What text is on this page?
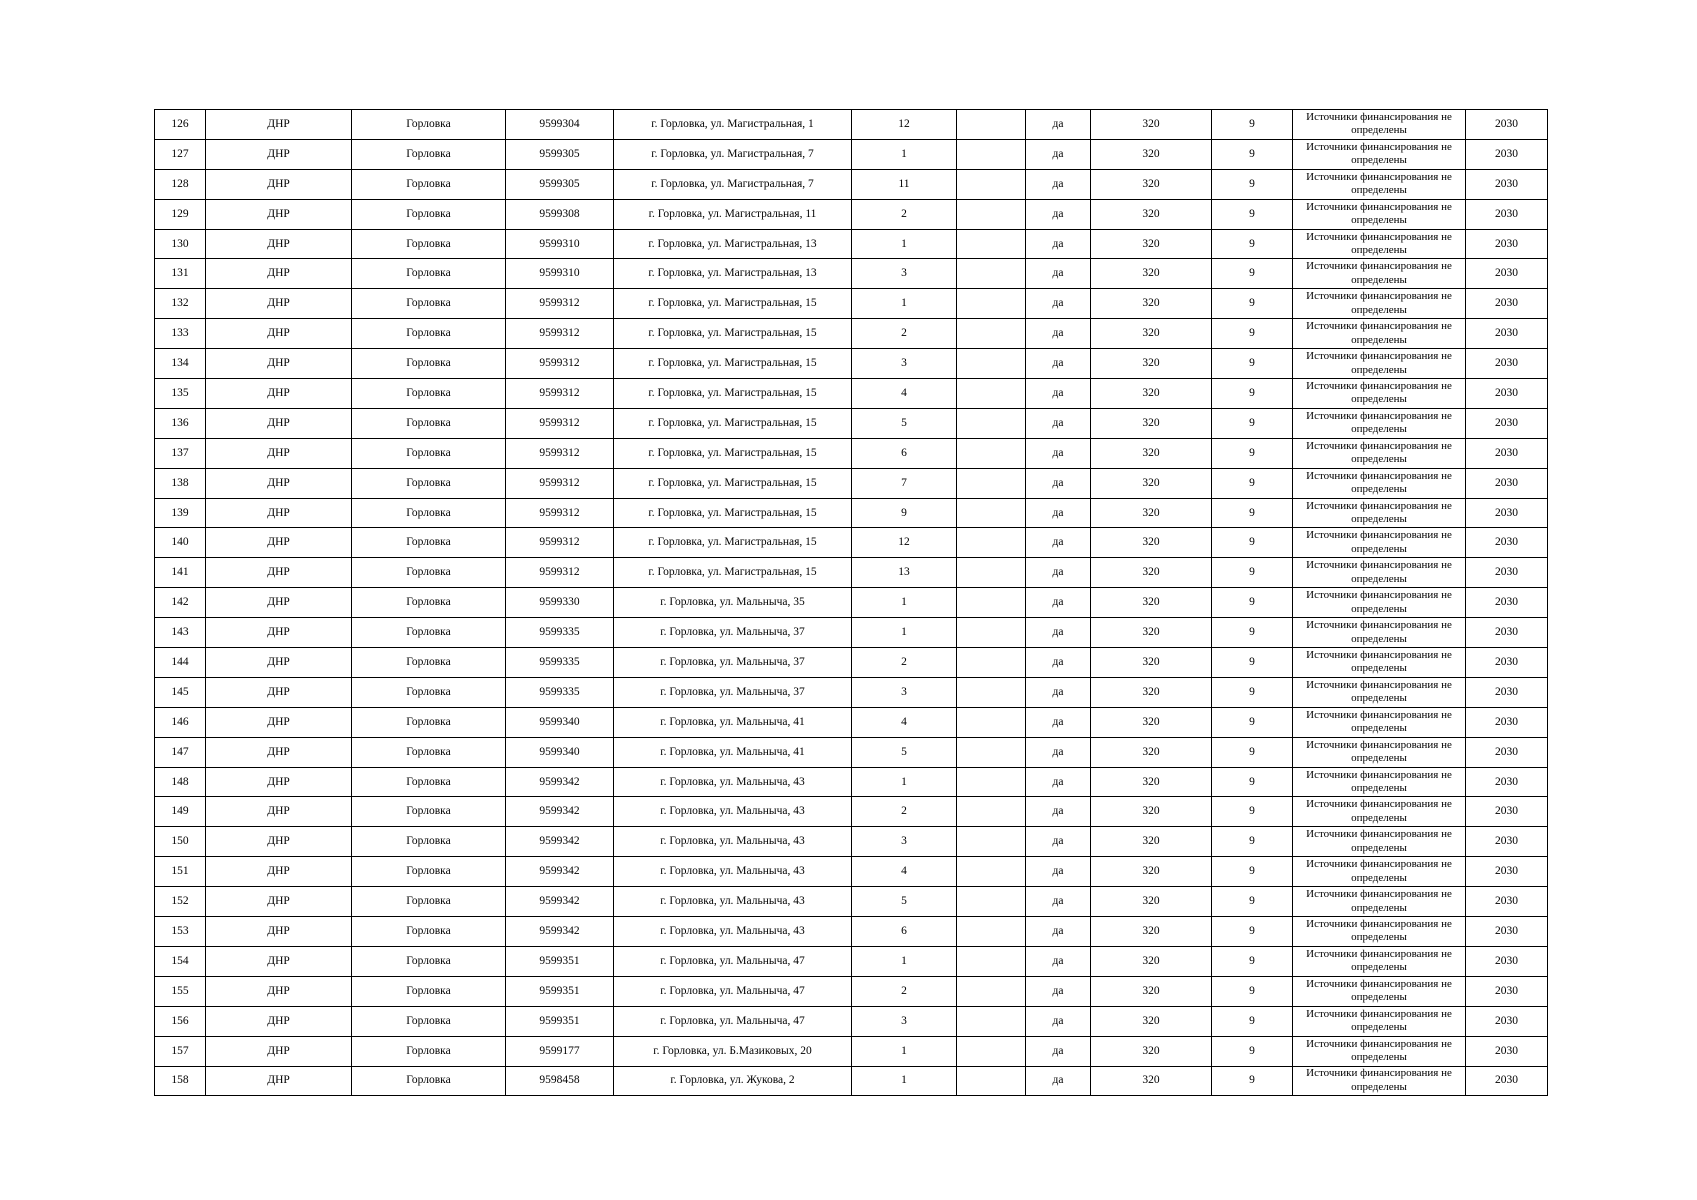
126	ДНР	Горловка	9599304	г. Горловка, ул. Магистральная, 1	12		да	320	9	Источники финансирования не определены	2030
127	ДНР	Горловка	9599305	г. Горловка, ул. Магистральная, 7	1		да	320	9	Источники финансирования не определены	2030
128	ДНР	Горловка	9599305	г. Горловка, ул. Магистральная, 7	11		да	320	9	Источники финансирования не определены	2030
129	ДНР	Горловка	9599308	г. Горловка, ул. Магистральная, 11	2		да	320	9	Источники финансирования не определены	2030
130	ДНР	Горловка	9599310	г. Горловка, ул. Магистральная, 13	1		да	320	9	Источники финансирования не определены	2030
131	ДНР	Горловка	9599310	г. Горловка, ул. Магистральная, 13	3		да	320	9	Источники финансирования не определены	2030
132	ДНР	Горловка	9599312	г. Горловка, ул. Магистральная, 15	1		да	320	9	Источники финансирования не определены	2030
133	ДНР	Горловка	9599312	г. Горловка, ул. Магистральная, 15	2		да	320	9	Источники финансирования не определены	2030
134	ДНР	Горловка	9599312	г. Горловка, ул. Магистральная, 15	3		да	320	9	Источники финансирования не определены	2030
135	ДНР	Горловка	9599312	г. Горловка, ул. Магистральная, 15	4		да	320	9	Источники финансирования не определены	2030
136	ДНР	Горловка	9599312	г. Горловка, ул. Магистральная, 15	5		да	320	9	Источники финансирования не определены	2030
137	ДНР	Горловка	9599312	г. Горловка, ул. Магистральная, 15	6		да	320	9	Источники финансирования не определены	2030
138	ДНР	Горловка	9599312	г. Горловка, ул. Магистральная, 15	7		да	320	9	Источники финансирования не определены	2030
139	ДНР	Горловка	9599312	г. Горловка, ул. Магистральная, 15	9		да	320	9	Источники финансирования не определены	2030
140	ДНР	Горловка	9599312	г. Горловка, ул. Магистральная, 15	12		да	320	9	Источники финансирования не определены	2030
141	ДНР	Горловка	9599312	г. Горловка, ул. Магистральная, 15	13		да	320	9	Источники финансирования не определены	2030
142	ДНР	Горловка	9599330	г. Горловка, ул. Мальныча, 35	1		да	320	9	Источники финансирования не определены	2030
143	ДНР	Горловка	9599335	г. Горловка, ул. Мальныча, 37	1		да	320	9	Источники финансирования не определены	2030
144	ДНР	Горловка	9599335	г. Горловка, ул. Мальныча, 37	2		да	320	9	Источники финансирования не определены	2030
145	ДНР	Горловка	9599335	г. Горловка, ул. Мальныча, 37	3		да	320	9	Источники финансирования не определены	2030
146	ДНР	Горловка	9599340	г. Горловка, ул. Мальныча, 41	4		да	320	9	Источники финансирования не определены	2030
147	ДНР	Горловка	9599340	г. Горловка, ул. Мальныча, 41	5		да	320	9	Источники финансирования не определены	2030
148	ДНР	Горловка	9599342	г. Горловка, ул. Мальныча, 43	1		да	320	9	Источники финансирования не определены	2030
149	ДНР	Горловка	9599342	г. Горловка, ул. Мальныча, 43	2		да	320	9	Источники финансирования не определены	2030
150	ДНР	Горловка	9599342	г. Горловка, ул. Мальныча, 43	3		да	320	9	Источники финансирования не определены	2030
151	ДНР	Горловка	9599342	г. Горловка, ул. Мальныча, 43	4		да	320	9	Источники финансирования не определены	2030
152	ДНР	Горловка	9599342	г. Горловка, ул. Мальныча, 43	5		да	320	9	Источники финансирования не определены	2030
153	ДНР	Горловка	9599342	г. Горловка, ул. Мальныча, 43	6		да	320	9	Источники финансирования не определены	2030
154	ДНР	Горловка	9599351	г. Горловка, ул. Мальныча, 47	1		да	320	9	Источники финансирования не определены	2030
155	ДНР	Горловка	9599351	г. Горловка, ул. Мальныча, 47	2		да	320	9	Источники финансирования не определены	2030
156	ДНР	Горловка	9599351	г. Горловка, ул. Мальныча, 47	3		да	320	9	Источники финансирования не определены	2030
157	ДНР	Горловка	9599177	г. Горловка, ул. Б.Мазиковых, 20	1		да	320	9	Источники финансирования не определены	2030
158	ДНР	Горловка	9598458	г. Горловка, ул. Жукова, 2	1		да	320	9	Источники финансирования не определены	2030
